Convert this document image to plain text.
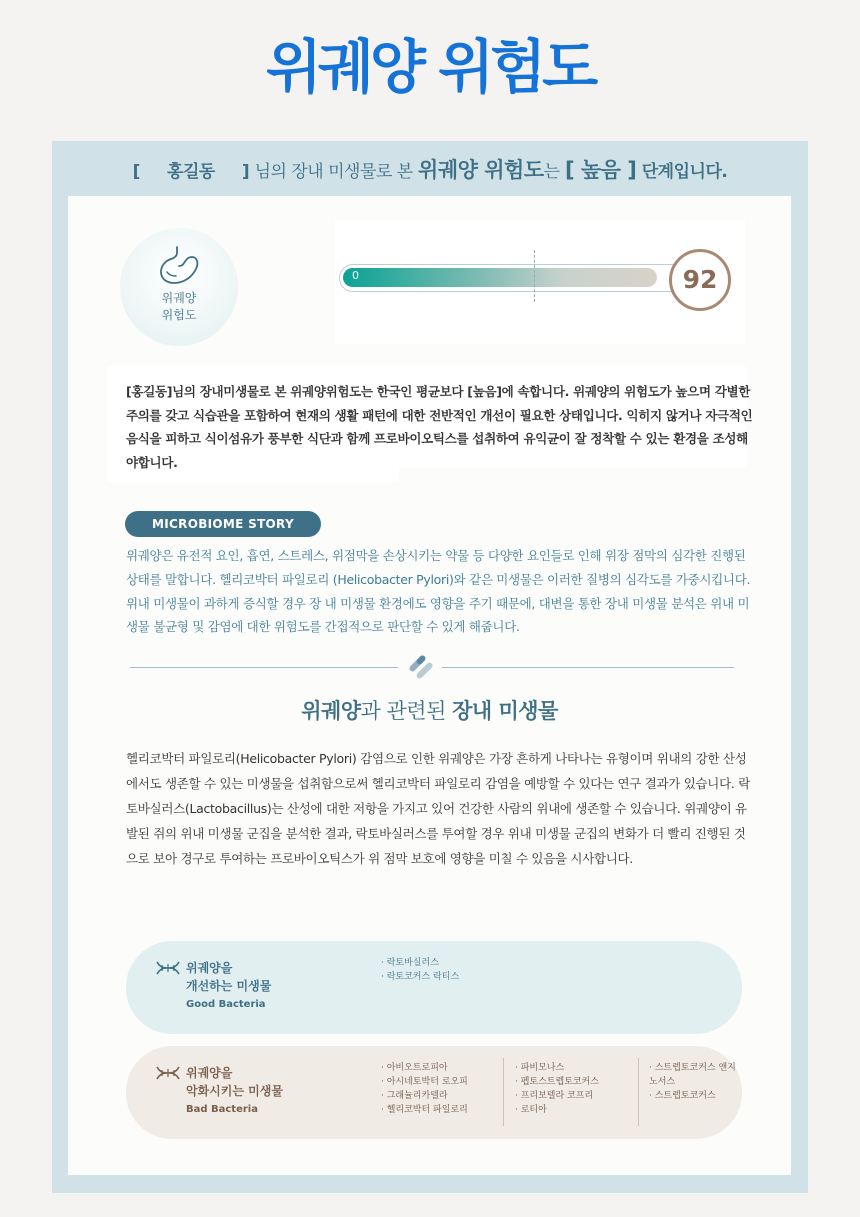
위궤양 위험도
[ 홍길동 ] 님의 장내 미생물로 본 위궤양 위험도는 [ 높음 ] 단계입니다.
위궤양
위험도
0	92

[홍길동]님의 장내미생물로 본 위궤양위험도는 한국인 평균보다 [높음]에 속합니다. 위궤양의 위험도가 높으며 각별한 주의를 갖고 식습관을 포함하여 현재의 생활 패턴에 대한 전반적인 개선이 필요한 상태입니다. 익히지 않거나 자극적인 음식을 피하고 식이섬유가 풍부한 식단과 함께 프로바이오틱스를 섭취하여 유익균이 잘 정착할 수 있는 환경을 조성해야합니다.

MICROBIOME STORY

위궤양은 유전적 요인, 흡연, 스트레스, 위점막을 손상시키는 약물 등 다양한 요인들로 인해 위장 점막의 심각한 진행된 상태를 말합니다. 헬리코박터 파일로리 (Helicobacter Pylori)와 같은 미생물은 이러한 질병의 심각도를 가중시킵니다. 위내 미생물이 과하게 증식할 경우 장 내 미생물 환경에도 영향을 주기 때문에, 대변을 통한 장내 미생물 분석은 위내 미생물 불균형 및 감염에 대한 위험도를 간접적으로 판단할 수 있게 해줍니다.

위궤양과 관련된 장내 미생물

헬리코박터 파일로리(Helicobacter Pylori) 감염으로 인한 위궤양은 가장 흔하게 나타나는 유형이며 위내의 강한 산성에서도 생존할 수 있는 미생물을 섭취함으로써 헬리코박터 파일로리 감염을 예방할 수 있다는 연구 결과가 있습니다. 락토바실러스(Lactobacillus)는 산성에 대한 저항을 가지고 있어 건강한 사람의 위내에 생존할 수 있습니다. 위궤양이 유발된 쥐의 위내 미생물 군집을 분석한 결과, 락토바실러스를 투여할 경우 위내 미생물 군집의 변화가 더 빨리 진행된 것으로 보아 경구로 투여하는 프로바이오틱스가 위 점막 보호에 영향을 미칠 수 있음을 시사합니다.

위궤양을
개선하는 미생물
Good Bacteria
· 락토바실러스
· 락토코커스 락티스
위궤양을
악화시키는 미생물
Bad Bacteria
· 아비오트로피아
· 아시네토박터 로오피
· 그래뉼리카텔라
· 헬리코박터 파일로리
· 파비모나스
· 펩토스트렙토코커스
· 프리보텔라 코프리
· 로티아
· 스트렙토코커스 앤지노서스
· 스트렙토코커스
